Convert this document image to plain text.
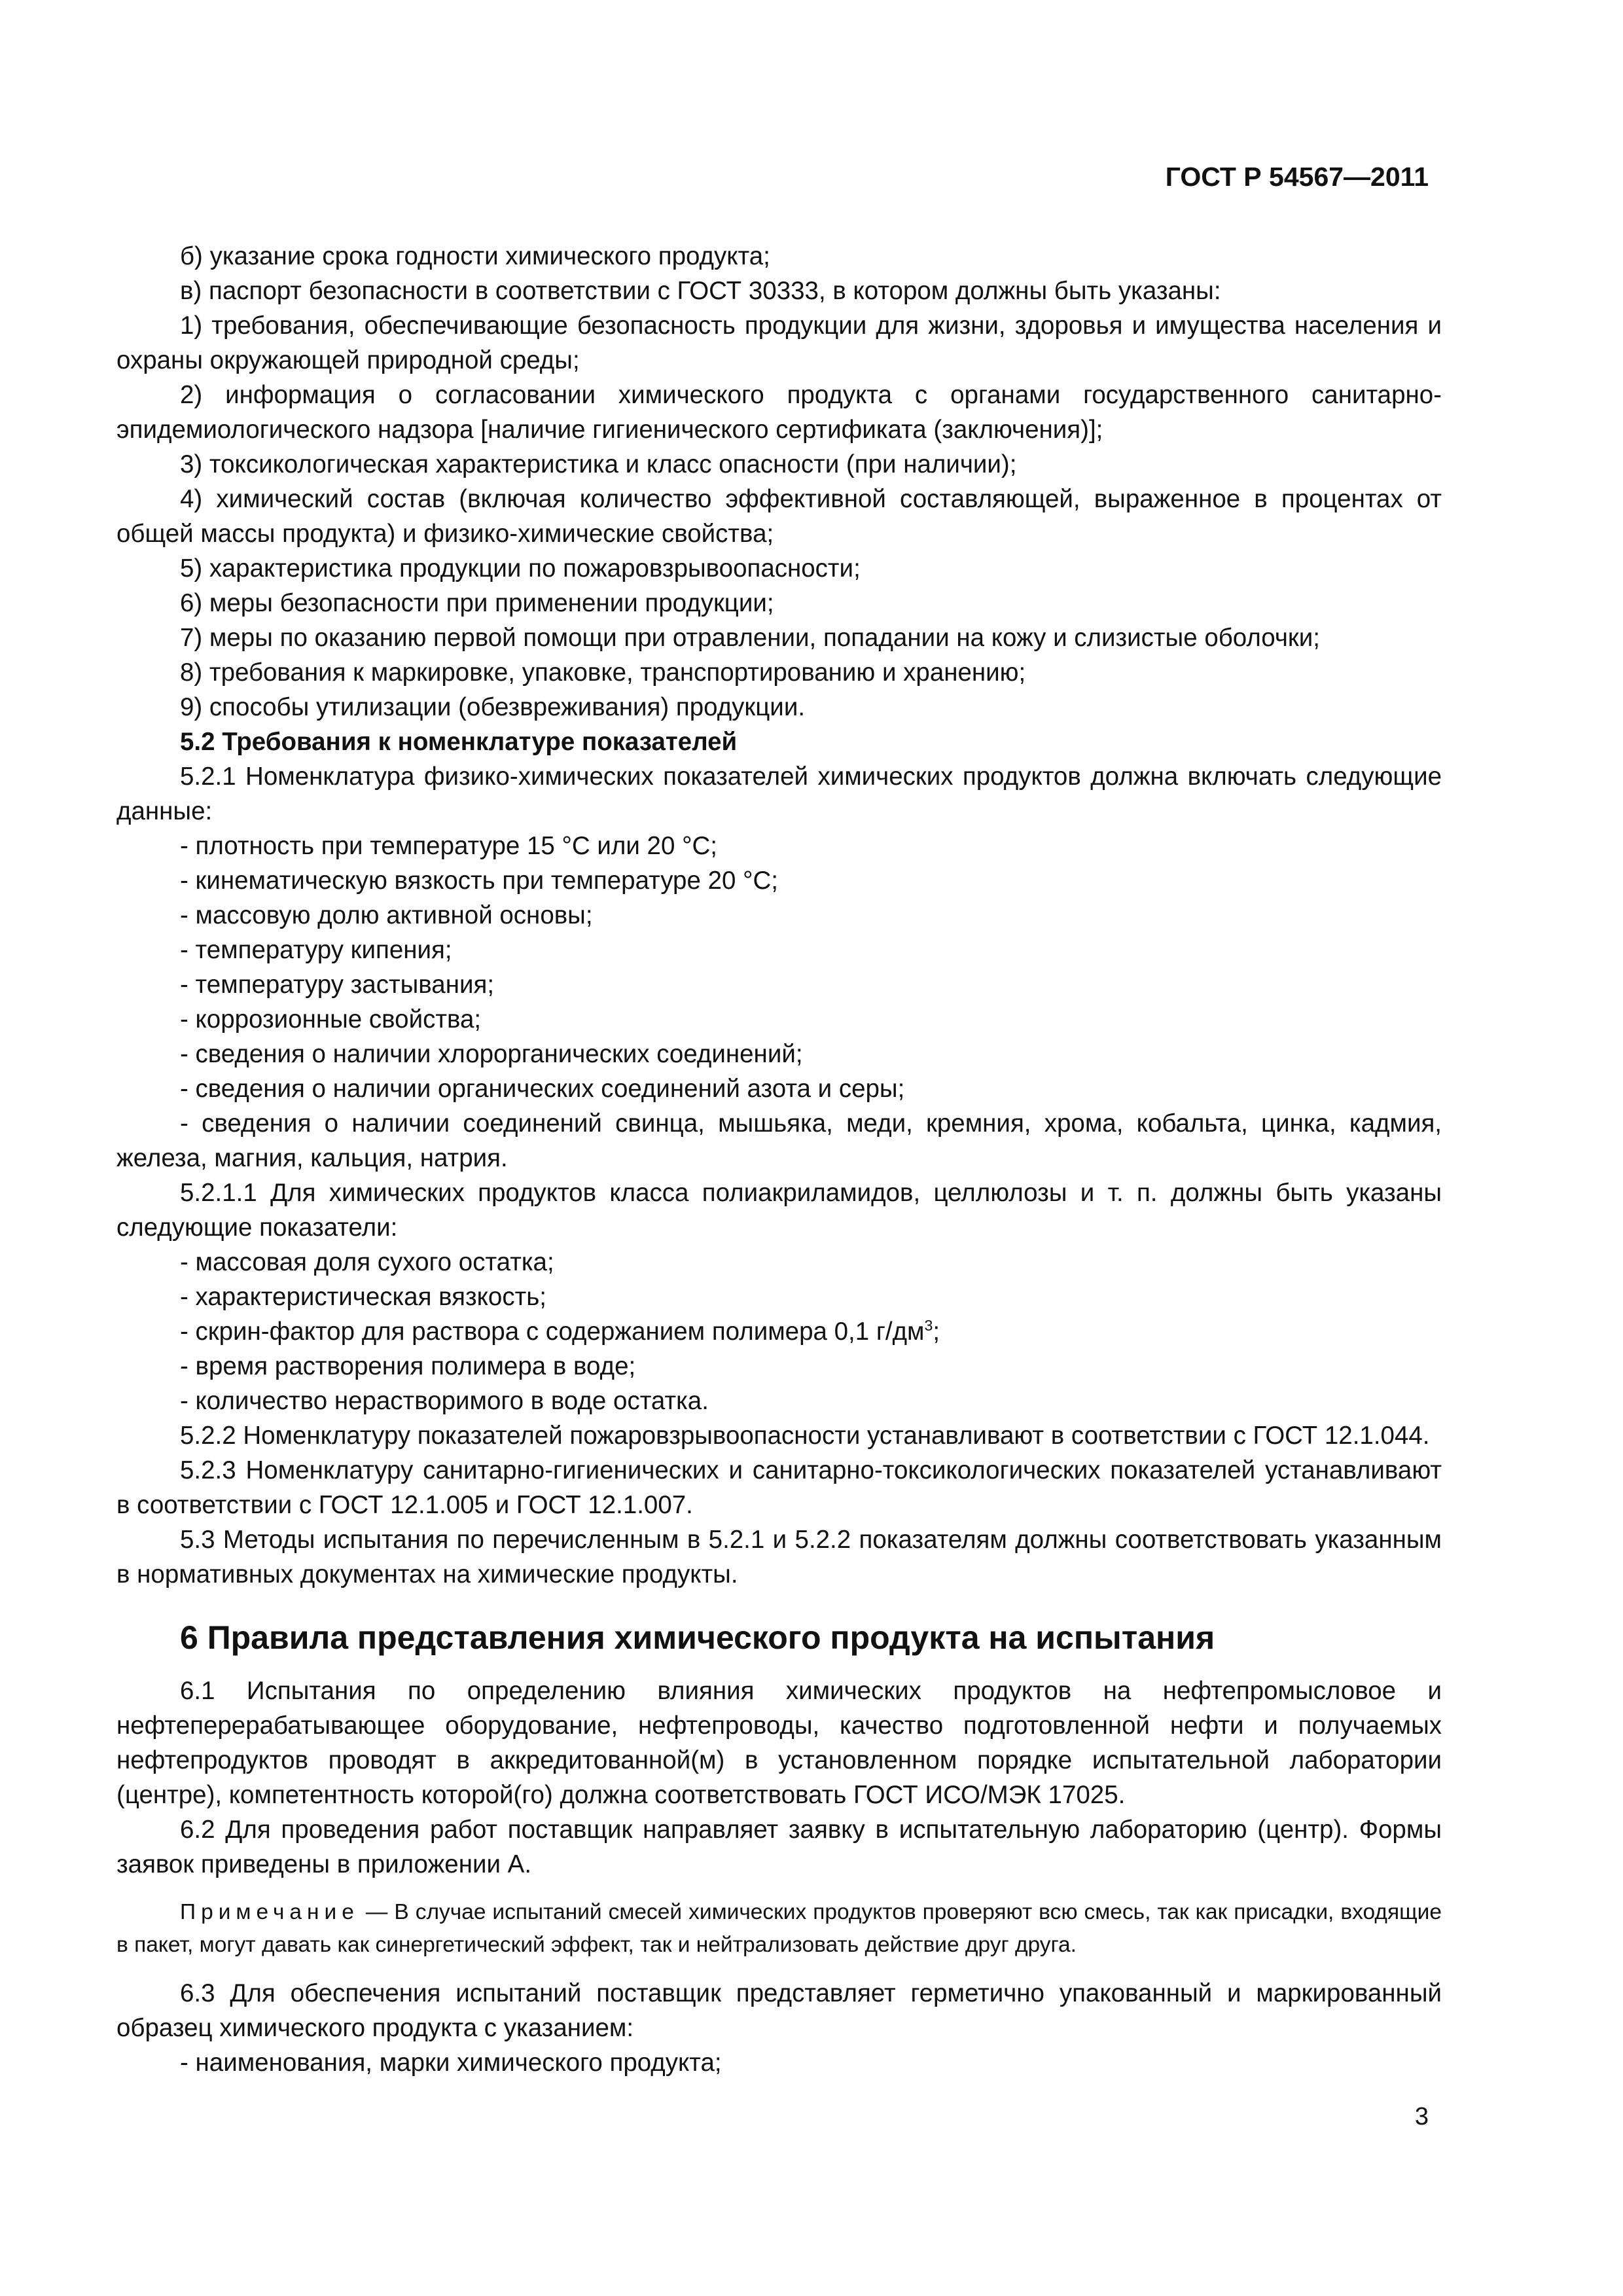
ГОСТ Р 54567—2011

б) указание срока годности химического продукта;

в) паспорт безопасности в соответствии с ГОСТ 30333, в котором должны быть указаны:

1) требования, обеспечивающие безопасность продукции для жизни, здоровья и имущества населения и охраны окружающей природной среды;

2) информация о согласовании химического продукта с органами государственного санитарно-эпидемиологического надзора [наличие гигиенического сертификата (заключения)];

3) токсикологическая характеристика и класс опасности (при наличии);

4) химический состав (включая количество эффективной составляющей, выраженное в процентах от общей массы продукта) и физико-химические свойства;

5) характеристика продукции по пожаровзрывоопасности;

6) меры безопасности при применении продукции;

7) меры по оказанию первой помощи при отравлении, попадании на кожу и слизистые оболочки;

8) требования к маркировке, упаковке, транспортированию и хранению;

9) способы утилизации (обезвреживания) продукции.

5.2 Требования к номенклатуре показателей

5.2.1 Номенклатура физико-химических показателей химических продуктов должна включать следующие данные:

- плотность при температуре 15 °C или 20 °C;

- кинематическую вязкость при температуре 20 °C;

- массовую долю активной основы;

- температуру кипения;

- температуру застывания;

- коррозионные свойства;

- сведения о наличии хлорорганических соединений;

- сведения о наличии органических соединений азота и серы;

- сведения о наличии соединений свинца, мышьяка, меди, кремния, хрома, кобальта, цинка, кадмия, железа, магния, кальция, натрия.

5.2.1.1 Для химических продуктов класса полиакриламидов, целлюлозы и т. п. должны быть указаны следующие показатели:

- массовая доля сухого остатка;

- характеристическая вязкость;

- скрин-фактор для раствора с содержанием полимера 0,1 $г/дм^3$;

- время растворения полимера в воде;

- количество нерастворимого в воде остатка.

5.2.2 Номенклатуру показателей пожаровзрывоопасности устанавливают в соответствии с ГОСТ 12.1.044.

5.2.3 Номенклатуру санитарно-гигиенических и санитарно-токсикологических показателей устанавливают в соответствии с ГОСТ 12.1.005 и ГОСТ 12.1.007.

5.3 Методы испытания по перечисленным в 5.2.1 и 5.2.2 показателям должны соответствовать указанным в нормативных документах на химические продукты.

6 Правила представления химического продукта на испытания

6.1 Испытания по определению влияния химических продуктов на нефтепромысловое и нефтеперерабатывающее оборудование, нефтепроводы, качество подготовленной нефти и получаемых нефтепродуктов проводят в аккредитованной(м) в установленном порядке испытательной лаборатории (центре), компетентность которой(го) должна соответствовать ГОСТ ИСО/МЭК 17025.

6.2 Для проведения работ поставщик направляет заявку в испытательную лабораторию (центр). Формы заявок приведены в приложении А.

Примечание — В случае испытаний смесей химических продуктов проверяют всю смесь, так как присадки, входящие в пакет, могут давать как синергетический эффект, так и нейтрализовать действие друг друга.

6.3 Для обеспечения испытаний поставщик представляет герметично упакованный и маркированный образец химического продукта с указанием:

- наименования, марки химического продукта;

3
